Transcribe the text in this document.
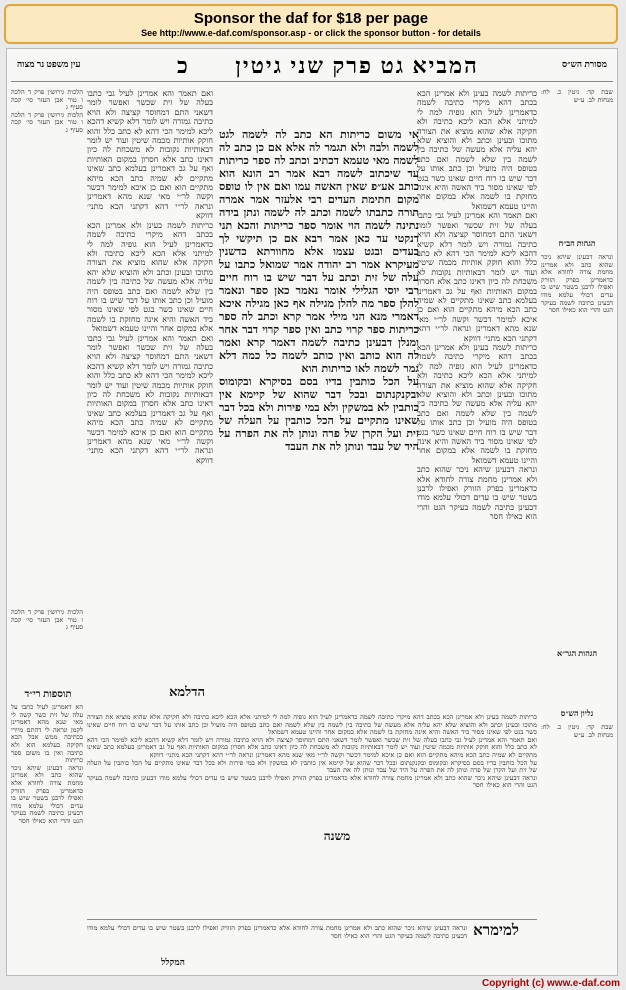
Sponsor the daf for $18 per page
See http://www.e-daf.com/sponsor.asp - or click the sponsor button - for details
מסורת הש״ס
המביא גט פרק שני גיטין
כ
עין משפט נר מצוה
שבת קד: גיטין כ. לח: מנחות לב. ע״ש
הגהות הב״ח
ונראה דבעינן שיהא ניכר שהוא כתב ולא אמרינן מחמת צורה לחודא אלא כדאמרינן בפרק הזורק ואפילו לרבנן בשטר שיש בו עדים דכולי עלמא מודו דבעינן כתיבה לשמה בעיקר הגט והרי הוא כאילו חסר
הגהות הגר״א
גליון הש״ס
שבת קד: גיטין כ. לח: מנחות לב. ע״ש
כריתות לשמה בעינן ולא אמרינן הכא בכתב דהא מיקרי כתיבה לשמה כדאמרינן לעיל הוא גופיה למה לי למיתני אלא הכא ליכא כתיבה ולא חקיקה אלא שהוא מוציא את הצורה מתוכו ובעינן וכתב ולא והוציא שלא יהא עליה אלא מעשה של כתיבה בין לשמה בין שלא לשמה ואם כתב בטופס היה מועיל וכן כתב אותו על דבר שיש בו רוח חיים שאינו כשר בגט לפי שאינו מסור ביד האשה והיא אינה מחזקת בו לשמה אלא במקום אחר והיינו טעמא דשמואל
ואם תאמר והא אמרינן לעיל גבי כתבו בעלה של זית שכשר ואפשר לומר דשאני התם דמחוסר קציצה ולא הויא כתיבה גמורה ויש לומר דלא קשיא דהכא ליכא למימר הכי דהא לא כתב כלל והוא חוקק אותיות מכמה שיטין ועוד יש לומר דבאותיות נקובות לא משכחת לה כיון דאינו כתב אלא חסרון במקום האותיות ואף על גב דאמרינן בעלמא כתב שאינו מתקיים לא שמיה כתב הכא מיהא מתקיים הוא ואם כן איכא למימר דכשר וקשה לר״י מאי שנא מהא דאמרינן ונראה לר״י דהא דקתני הכא מתני׳ דווקא
כריתות לשמה בעינן ולא אמרינן הכא בכתב דהא מיקרי כתיבה לשמה כדאמרינן לעיל הוא גופיה למה לי למיתני אלא הכא ליכא כתיבה ולא חקיקה אלא שהוא מוציא את הצורה מתוכו ובעינן וכתב ולא והוציא שלא יהא עליה אלא מעשה של כתיבה בין לשמה בין שלא לשמה ואם כתב בטופס היה מועיל וכן כתב אותו על דבר שיש בו רוח חיים שאינו כשר בגט לפי שאינו מסור ביד האשה והיא אינה מחזקת בו לשמה אלא במקום אחר והיינו טעמא דשמואל
ונראה דבעינן שיהא ניכר שהוא כתב ולא אמרינן מחמת צורה לחודא אלא כדאמרינן בפרק הזורק ואפילו לרבנן בשטר שיש בו עדים דכולי עלמא מודו דבעינן כתיבה לשמה בעיקר הגט והרי הוא כאילו חסר
אי משום כריתות הא כתב לה לשמה לגט לשמה ולבה ולא תגמר לה אלא אם כן כתב לה לשמה מאי טעמא דכתיב וכתב לה ספר כריתות עד שיכתוב לשמה רבא אמר רב הונא הוא כותב אע״פ שאין האשה עמו ואם אין לו טופס מקום חתימת העדים רבי אלעזר אמר אמרה תורה כתבתו לשמה וכתב לה לשמה ונתן בידה נתינה לשמה הוי אומר ספר כריתות והכא תני דנקטי עד כאן אמר רבא אם כן תיקשי לך בעדים ובגט עצמו אלא מחוורתא כדשנין מעיקרא אמר רב יהודה אמר שמואל כתבו על עלה של זית וכתב על דבר שיש בו רוח חיים רבי יוסי הגלילי אומר נאמר כאן ספר ונאמר להלן ספר מה להלן מגילה אף כאן מגילה איכא דאמרי מנא הני מילי אמר קרא וכתב לה ספר כריתות ספר קרוי כתב ואין ספר קרוי דבר אחר ומנלן דבעינן כתיבה לשמה דאמר קרא ואמר לה הוא כותב ואין כותב לשמה כל כמה דלא גמר לשמה לאו כריתות הוא
על הכל כותבין בדיו בסם בסיקרא ובקומוס ובקנקנתום ובכל דבר שהוא של קיימא אין כותבין לא במשקין ולא במי פירות ולא בכל דבר שאינו מתקיים על הכל כותבין על העלה של זית ועל הקרן של פרה ונותן לה את הפרה על היד של עבד ונותן לה את העבד
ואם תאמר והא אמרינן לעיל גבי כתבו בעלה של זית שכשר ואפשר לומר דשאני התם דמחוסר קציצה ולא הויא כתיבה גמורה ויש לומר דלא קשיא דהכא ליכא למימר הכי דהא לא כתב כלל והוא חוקק אותיות מכמה שיטין ועוד יש לומר דבאותיות נקובות לא משכחת לה כיון דאינו כתב אלא חסרון במקום האותיות ואף על גב דאמרינן בעלמא כתב שאינו מתקיים לא שמיה כתב הכא מיהא מתקיים הוא ואם כן איכא למימר דכשר וקשה לר״י מאי שנא מהא דאמרינן ונראה לר״י דהא דקתני הכא מתני׳ דווקא
כריתות לשמה בעינן ולא אמרינן הכא בכתב דהא מיקרי כתיבה לשמה כדאמרינן לעיל הוא גופיה למה לי למיתני אלא הכא ליכא כתיבה ולא חקיקה אלא שהוא מוציא את הצורה מתוכו ובעינן וכתב ולא והוציא שלא יהא עליה אלא מעשה של כתיבה בין לשמה בין שלא לשמה ואם כתב בטופס היה מועיל וכן כתב אותו על דבר שיש בו רוח חיים שאינו כשר בגט לפי שאינו מסור ביד האשה והיא אינה מחזקת בו לשמה אלא במקום אחר והיינו טעמא דשמואל
ואם תאמר והא אמרינן לעיל גבי כתבו בעלה של זית שכשר ואפשר לומר דשאני התם דמחוסר קציצה ולא הויא כתיבה גמורה ויש לומר דלא קשיא דהכא ליכא למימר הכי דהא לא כתב כלל והוא חוקק אותיות מכמה שיטין ועוד יש לומר דבאותיות נקובות לא משכחת לה כיון דאינו כתב אלא חסרון במקום האותיות ואף על גב דאמרינן בעלמא כתב שאינו מתקיים לא שמיה כתב הכא מיהא מתקיים הוא ואם כן איכא למימר דכשר וקשה לר״י מאי שנא מהא דאמרינן ונראה לר״י דהא דקתני הכא מתני׳ דווקא
הלכות גירושין פרק ד הלכה ו טור אבן העזר סי׳ קכה סעיף ג
הלכות גירושין פרק ד הלכה ו טור אבן העזר סי׳ קכה סעיף ג
הלכות גירושין פרק ד הלכה ו טור אבן העזר סי׳ קכה סעיף ג
תוספות רי״ד
הא דאמרינן לעיל כתבו על עלה של זית כשר קשה לי מאי שנא מהא דאמרינן לקמן ונראה לי דהתם מיירי בכתיבה ממש אבל הכא חקיקה בעלמא הוא ולא כתיבה ואין בו משום ספר כריתות
ונראה דבעינן שיהא ניכר שהוא כתב ולא אמרינן מחמת צורה לחודא אלא כדאמרינן בפרק הזורק ואפילו לרבנן בשטר שיש בו עדים דכולי עלמא מודו דבעינן כתיבה לשמה בעיקר הגט והרי הוא כאילו חסר
הדלמא
משנה
כריתות לשמה בעינן ולא אמרינן הכא בכתב דהא מיקרי כתיבה לשמה כדאמרינן לעיל הוא גופיה למה לי למיתני אלא הכא ליכא כתיבה ולא חקיקה אלא שהוא מוציא את הצורה מתוכו ובעינן וכתב ולא והוציא שלא יהא עליה אלא מעשה של כתיבה בין לשמה בין שלא לשמה ואם כתב בטופס היה מועיל וכן כתב אותו על דבר שיש בו רוח חיים שאינו כשר בגט לפי שאינו מסור ביד האשה והיא אינה מחזקת בו לשמה אלא במקום אחר והיינו טעמא דשמואל
ואם תאמר והא אמרינן לעיל גבי כתבו בעלה של זית שכשר ואפשר לומר דשאני התם דמחוסר קציצה ולא הויא כתיבה גמורה ויש לומר דלא קשיא דהכא ליכא למימר הכי דהא לא כתב כלל והוא חוקק אותיות מכמה שיטין ועוד יש לומר דבאותיות נקובות לא משכחת לה כיון דאינו כתב אלא חסרון במקום האותיות ואף על גב דאמרינן בעלמא כתב שאינו מתקיים לא שמיה כתב הכא מיהא מתקיים הוא ואם כן איכא למימר דכשר וקשה לר״י מאי שנא מהא דאמרינן ונראה לר״י דהא דקתני הכא מתני׳ דווקא
על הכל כותבין בדיו בסם בסיקרא ובקומוס ובקנקנתום ובכל דבר שהוא של קיימא אין כותבין לא במשקין ולא במי פירות ולא בכל דבר שאינו מתקיים על הכל כותבין על העלה של זית ועל הקרן של פרה ונותן לה את הפרה על היד של עבד ונותן לה את העבד
ונראה דבעינן שיהא ניכר שהוא כתב ולא אמרינן מחמת צורה לחודא אלא כדאמרינן בפרק הזורק ואפילו לרבנן בשטר שיש בו עדים דכולי עלמא מודו דבעינן כתיבה לשמה בעיקר הגט והרי הוא כאילו חסר
למימרא
ונראה דבעינן שיהא ניכר שהוא כתב ולא אמרינן מחמת צורה לחודא אלא כדאמרינן בפרק הזורק ואפילו לרבנן בשטר שיש בו עדים דכולי עלמא מודו דבעינן כתיבה לשמה בעיקר הגט והרי הוא כאילו חסר
המקלל
Copyright (c) www.e-daf.com
